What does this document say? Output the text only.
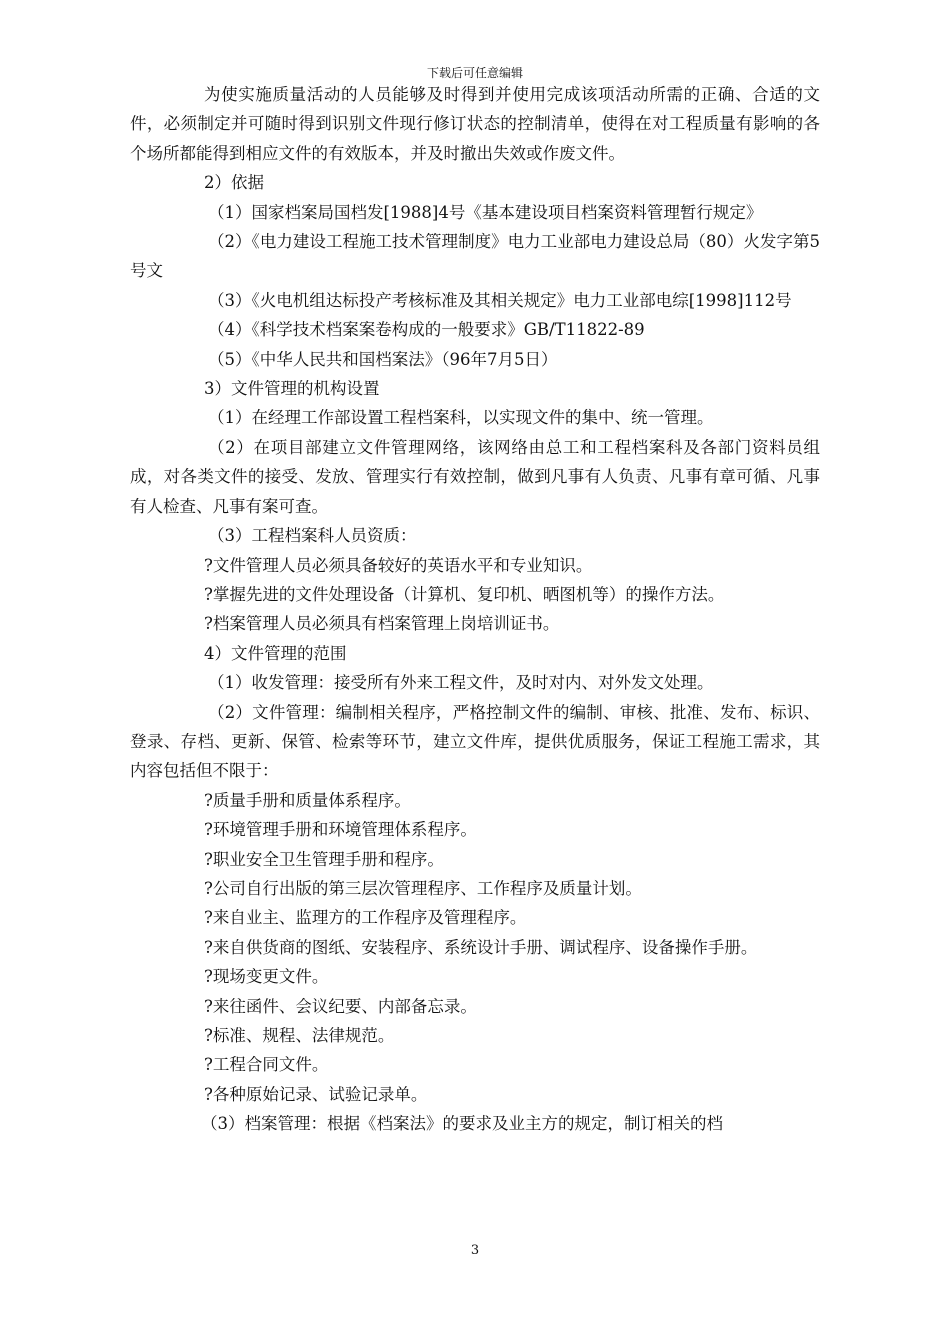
下载后可任意编辑

为使实施质量活动的人员能够及时得到并使用完成该项活动所需的正确、合适的文件，必须制定并可随时得到识别文件现行修订状态的控制清单，使得在对工程质量有影响的各个场所都能得到相应文件的有效版本，并及时撤出失效或作废文件。

2）依据

（1）国家档案局国档发[1988]4号《基本建设项目档案资料管理暂行规定》

（2）《电力建设工程施工技术管理制度》电力工业部电力建设总局（80）火发字第5号文

（3）《火电机组达标投产考核标准及其相关规定》电力工业部电综[1998]112号

（4）《科学技术档案案卷构成的一般要求》GB/T11822-89

（5）《中华人民共和国档案法》（96年7月5日）

3）文件管理的机构设置

（1）在经理工作部设置工程档案科，以实现文件的集中、统一管理。

（2）在项目部建立文件管理网络，该网络由总工和工程档案科及各部门资料员组成，对各类文件的接受、发放、管理实行有效控制，做到凡事有人负责、凡事有章可循、凡事有人检查、凡事有案可查。

（3）工程档案科人员资质：

?文件管理人员必须具备较好的英语水平和专业知识。

?掌握先进的文件处理设备（计算机、复印机、晒图机等）的操作方法。

?档案管理人员必须具有档案管理上岗培训证书。

4）文件管理的范围

（1）收发管理：接受所有外来工程文件，及时对内、对外发文处理。

（2）文件管理：编制相关程序，严格控制文件的编制、审核、批准、发布、标识、登录、存档、更新、保管、检索等环节，建立文件库，提供优质服务，保证工程施工需求，其内容包括但不限于：

?质量手册和质量体系程序。

?环境管理手册和环境管理体系程序。

?职业安全卫生管理手册和程序。

?公司自行出版的第三层次管理程序、工作程序及质量计划。

?来自业主、监理方的工作程序及管理程序。

?来自供货商的图纸、安装程序、系统设计手册、调试程序、设备操作手册。

?现场变更文件。

?来往函件、会议纪要、内部备忘录。

?标准、规程、法律规范。

?工程合同文件。

?各种原始记录、试验记录单。

（3）档案管理：根据《档案法》的要求及业主方的规定，制订相关的档

3
